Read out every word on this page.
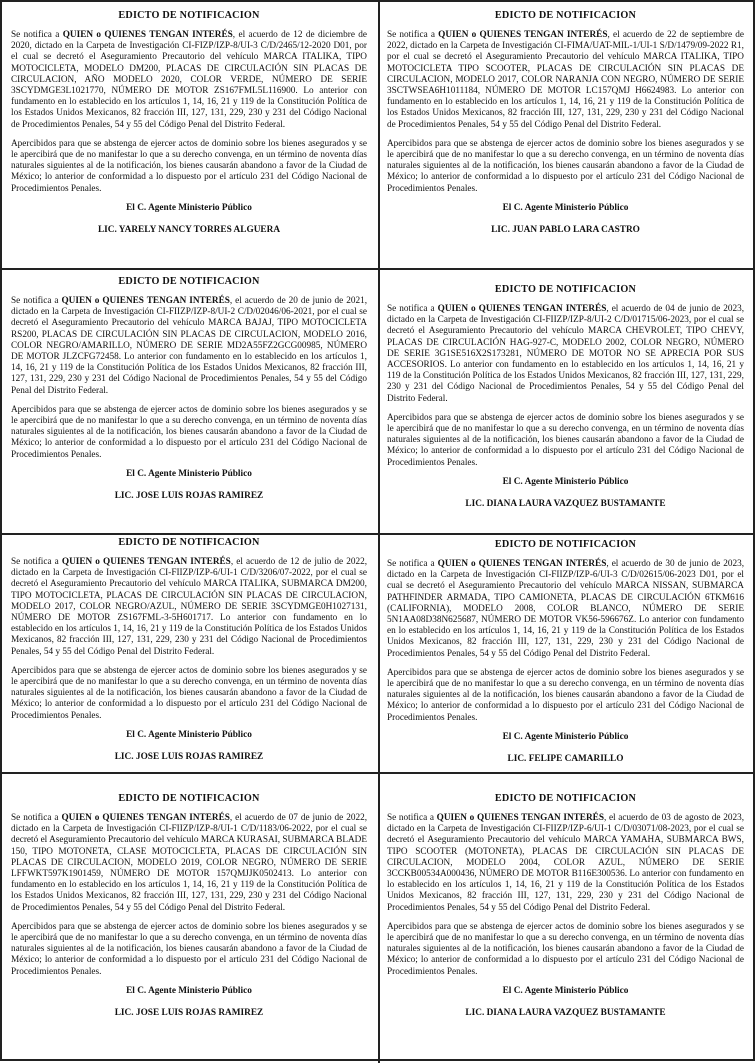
EDICTO DE NOTIFICACIÓN

Se notifica a QUIEN o QUIENES TENGAN INTERÉS, el acuerdo de 12 de diciembre de 2020, dictado en la Carpeta de Investigación CI-FIZP/IZP-8/UI-3 C/D/2465/12-2020 D01, por el cual se decretó el Aseguramiento Precautorio del vehículo MARCA ITALIKA, TIPO MOTOCICLETA, MODELO DM200, PLACAS DE CIRCULACIÓN SIN PLACAS DE CIRCULACION, AÑO MODELO 2020, COLOR VERDE, NÚMERO DE SERIE 3SCYDMGE3L1021770, NÚMERO DE MOTOR ZS167FML5L116900. Lo anterior con fundamento en lo establecido en los artículos 1, 14, 16, 21 y 119 de la Constitución Política de los Estados Unidos Mexicanos, 82 fracción III, 127, 131, 229, 230 y 231 del Código Nacional de Procedimientos Penales, 54 y 55 del Código Penal del Distrito Federal.

Apercibidos para que se abstenga de ejercer actos de dominio sobre los bienes asegurados y se le apercibirá que de no manifestar lo que a su derecho convenga, en un término de noventa días naturales siguientes al de la notificación, los bienes causarán abandono a favor de la Ciudad de México; lo anterior de conformidad a lo dispuesto por el artículo 231 del Código Nacional de Procedimientos Penales.

El C. Agente Ministerio Público
LIC. YARELY NANCY TORRES ALGUERA
EDICTO DE NOTIFICACIÓN

Se notifica a QUIEN o QUIENES TENGAN INTERÉS, el acuerdo de 22 de septiembre de 2022, dictado en la Carpeta de Investigación CI-FIMA/UAT-MIL-1/UI-1 S/D/1479/09-2022 R1, por el cual se decretó el Aseguramiento Precautorio del vehículo MARCA ITALIKA, TIPO MOTOCICLETA TIPO SCOOTER, PLACAS DE CIRCULACIÓN SIN PLACAS DE CIRCULACION, MODELO 2017, COLOR NARANJA CON NEGRO, NÚMERO DE SERIE 3SCTWSEA6H1011184, NÚMERO DE MOTOR LC157QMJ H6624983. Lo anterior con fundamento en lo establecido en los artículos 1, 14, 16, 21 y 119 de la Constitución Política de los Estados Unidos Mexicanos, 82 fracción III, 127, 131, 229, 230 y 231 del Código Nacional de Procedimientos Penales, 54 y 55 del Código Penal del Distrito Federal.

Apercibidos para que se abstenga de ejercer actos de dominio sobre los bienes asegurados y se le apercibirá que de no manifestar lo que a su derecho convenga, en un término de noventa días naturales siguientes al de la notificación, los bienes causarán abandono a favor de la Ciudad de México; lo anterior de conformidad a lo dispuesto por el artículo 231 del Código Nacional de Procedimientos Penales.

El C. Agente Ministerio Público
LIC. JUAN PABLO LARA CASTRO
EDICTO DE NOTIFICACIÓN

Se notifica a QUIEN o QUIENES TENGAN INTERÉS, el acuerdo de 20 de junio de 2021, dictado en la Carpeta de Investigación CI-FIIZP/IZP-8/UI-2 C/D/02046/06-2021, por el cual se decretó el Aseguramiento Precautorio del vehículo MARCA BAJAJ, TIPO MOTOCICLETA RS200, PLACAS DE CIRCULACIÓN SIN PLACAS DE CIRCULACION, MODELO 2016, COLOR NEGRO/AMARILLO, NÚMERO DE SERIE MD2A55FZ2GCG00985, NÚMERO DE MOTOR JLZCFG72458. Lo anterior con fundamento en lo establecido en los artículos 1, 14, 16, 21 y 119 de la Constitución Política de los Estados Unidos Mexicanos, 82 fracción III, 127, 131, 229, 230 y 231 del Código Nacional de Procedimientos Penales, 54 y 55 del Código Penal del Distrito Federal.

Apercibidos para que se abstenga de ejercer actos de dominio sobre los bienes asegurados y se le apercibirá que de no manifestar lo que a su derecho convenga, en un término de noventa días naturales siguientes al de la notificación, los bienes causarán abandono a favor de la Ciudad de México; lo anterior de conformidad a lo dispuesto por el artículo 231 del Código Nacional de Procedimientos Penales.

El C. Agente Ministerio Público
LIC. JOSE LUIS ROJAS RAMIREZ
EDICTO DE NOTIFICACIÓN

Se notifica a QUIEN o QUIENES TENGAN INTERÉS, el acuerdo de 04 de junio de 2023, dictado en la Carpeta de Investigación CI-FIIZP/IZP-8/UI-2 C/D/01715/06-2023, por el cual se decretó el Aseguramiento Precautorio del vehículo MARCA CHEVROLET, TIPO CHEVY, PLACAS DE CIRCULACIÓN HAG-927-C, MODELO 2002, COLOR NEGRO, NÚMERO DE SERIE 3G1SE516X2S173281, NÚMERO DE MOTOR NO SE APRECIA POR SUS ACCESORIOS. Lo anterior con fundamento en lo establecido en los artículos 1, 14, 16, 21 y 119 de la Constitución Política de los Estados Unidos Mexicanos, 82 fracción III, 127, 131, 229, 230 y 231 del Código Nacional de Procedimientos Penales, 54 y 55 del Código Penal del Distrito Federal.

Apercibidos para que se abstenga de ejercer actos de dominio sobre los bienes asegurados y se le apercibirá que de no manifestar lo que a su derecho convenga, en un término de noventa días naturales siguientes al de la notificación, los bienes causarán abandono a favor de la Ciudad de México; lo anterior de conformidad a lo dispuesto por el artículo 231 del Código Nacional de Procedimientos Penales.

El C. Agente Ministerio Público
LIC. DIANA LAURA VAZQUEZ BUSTAMANTE
EDICTO DE NOTIFICACIÓN

Se notifica a QUIEN o QUIENES TENGAN INTERÉS, el acuerdo de 12 de julio de 2022, dictado en la Carpeta de Investigación CI-FIIZP/IZP-6/UI-1 C/D/3206/07-2022, por el cual se decretó el Aseguramiento Precautorio del vehículo MARCA ITALIKA, SUBMARCA DM200, TIPO MOTOCICLETA, PLACAS DE CIRCULACIÓN SIN PLACAS DE CIRCULACION, MODELO 2017, COLOR NEGRO/AZUL, NÚMERO DE SERIE 3SCYDMGE0H1027131, NÚMERO DE MOTOR ZS167FML-3-5H601717. Lo anterior con fundamento en lo establecido en los artículos 1, 14, 16, 21 y 119 de la Constitución Política de los Estados Unidos Mexicanos, 82 fracción III, 127, 131, 229, 230 y 231 del Código Nacional de Procedimientos Penales, 54 y 55 del Código Penal del Distrito Federal.

Apercibidos para que se abstenga de ejercer actos de dominio sobre los bienes asegurados y se le apercibirá que de no manifestar lo que a su derecho convenga, en un término de noventa días naturales siguientes al de la notificación, los bienes causarán abandono a favor de la Ciudad de México; lo anterior de conformidad a lo dispuesto por el artículo 231 del Código Nacional de Procedimientos Penales.

El C. Agente Ministerio Público
LIC. JOSE LUIS ROJAS RAMIREZ
EDICTO DE NOTIFICACIÓN

Se notifica a QUIEN o QUIENES TENGAN INTERÉS, el acuerdo de 30 de junio de 2023, dictado en la Carpeta de Investigación CI-FIIZP/IZP-6/UI-3 C/D/02615/06-2023 D01, por el cual se decretó el Aseguramiento Precautorio del vehículo MARCA NISSAN, SUBMARCA PATHFINDER ARMADA, TIPO CAMIONETA, PLACAS DE CIRCULACIÓN 6TKM616 (CALIFORNIA), MODELO 2008, COLOR BLANCO, NÚMERO DE SERIE 5N1AA08D38N625687, NÚMERO DE MOTOR VK56-596676Z. Lo anterior con fundamento en lo establecido en los artículos 1, 14, 16, 21 y 119 de la Constitución Política de los Estados Unidos Mexicanos, 82 fracción III, 127, 131, 229, 230 y 231 del Código Nacional de Procedimientos Penales, 54 y 55 del Código Penal del Distrito Federal.

Apercibidos para que se abstenga de ejercer actos de dominio sobre los bienes asegurados y se le apercibirá que de no manifestar lo que a su derecho convenga, en un término de noventa días naturales siguientes al de la notificación, los bienes causarán abandono a favor de la Ciudad de México; lo anterior de conformidad a lo dispuesto por el artículo 231 del Código Nacional de Procedimientos Penales.

El C. Agente Ministerio Público
LIC. FELIPE CAMARILLO
EDICTO DE NOTIFICACIÓN

Se notifica a QUIEN o QUIENES TENGAN INTERÉS, el acuerdo de 07 de junio de 2022, dictado en la Carpeta de Investigación CI-FIIZP/IZP-8/UI-1 C/D/1183/06-2022, por el cual se decretó el Aseguramiento Precautorio del vehículo MARCA KURASAI, SUBMARCA BLADE 150, TIPO MOTONETA, CLASE MOTOCICLETA, PLACAS DE CIRCULACIÓN SIN PLACAS DE CIRCULACION, MODELO 2019, COLOR NEGRO, NÚMERO DE SERIE LFFWKT597K1901459, NÚMERO DE MOTOR 157QMJJK0502413. Lo anterior con fundamento en lo establecido en los artículos 1, 14, 16, 21 y 119 de la Constitución Política de los Estados Unidos Mexicanos, 82 fracción III, 127, 131, 229, 230 y 231 del Código Nacional de Procedimientos Penales, 54 y 55 del Código Penal del Distrito Federal.

Apercibidos para que se abstenga de ejercer actos de dominio sobre los bienes asegurados y se le apercibirá que de no manifestar lo que a su derecho convenga, en un término de noventa días naturales siguientes al de la notificación, los bienes causarán abandono a favor de la Ciudad de México; lo anterior de conformidad a lo dispuesto por el artículo 231 del Código Nacional de Procedimientos Penales.

El C. Agente Ministerio Público
LIC. JOSE LUIS ROJAS RAMIREZ
EDICTO DE NOTIFICACIÓN

Se notifica a QUIEN o QUIENES TENGAN INTERÉS, el acuerdo de 03 de agosto de 2023, dictado en la Carpeta de Investigación CI-FIIZP/IZP-6/UI-1 C/D/03071/08-2023, por el cual se decretó el Aseguramiento Precautorio del vehículo MARCA YAMAHA, SUBMARCA BWS, TIPO SCOOTER (MOTONETA), PLACAS DE CIRCULACIÓN SIN PLACAS DE CIRCULACION, MODELO 2004, COLOR AZUL, NÚMERO DE SERIE 3CCKB00534A000436, NÚMERO DE MOTOR B116E300536. Lo anterior con fundamento en lo establecido en los artículos 1, 14, 16, 21 y 119 de la Constitución Política de los Estados Unidos Mexicanos, 82 fracción III, 127, 131, 229, 230 y 231 del Código Nacional de Procedimientos Penales, 54 y 55 del Código Penal del Distrito Federal.

Apercibidos para que se abstenga de ejercer actos de dominio sobre los bienes asegurados y se le apercibirá que de no manifestar lo que a su derecho convenga, en un término de noventa días naturales siguientes al de la notificación, los bienes causarán abandono a favor de la Ciudad de México; lo anterior de conformidad a lo dispuesto por el artículo 231 del Código Nacional de Procedimientos Penales.

El C. Agente Ministerio Público
LIC. DIANA LAURA VAZQUEZ BUSTAMANTE
